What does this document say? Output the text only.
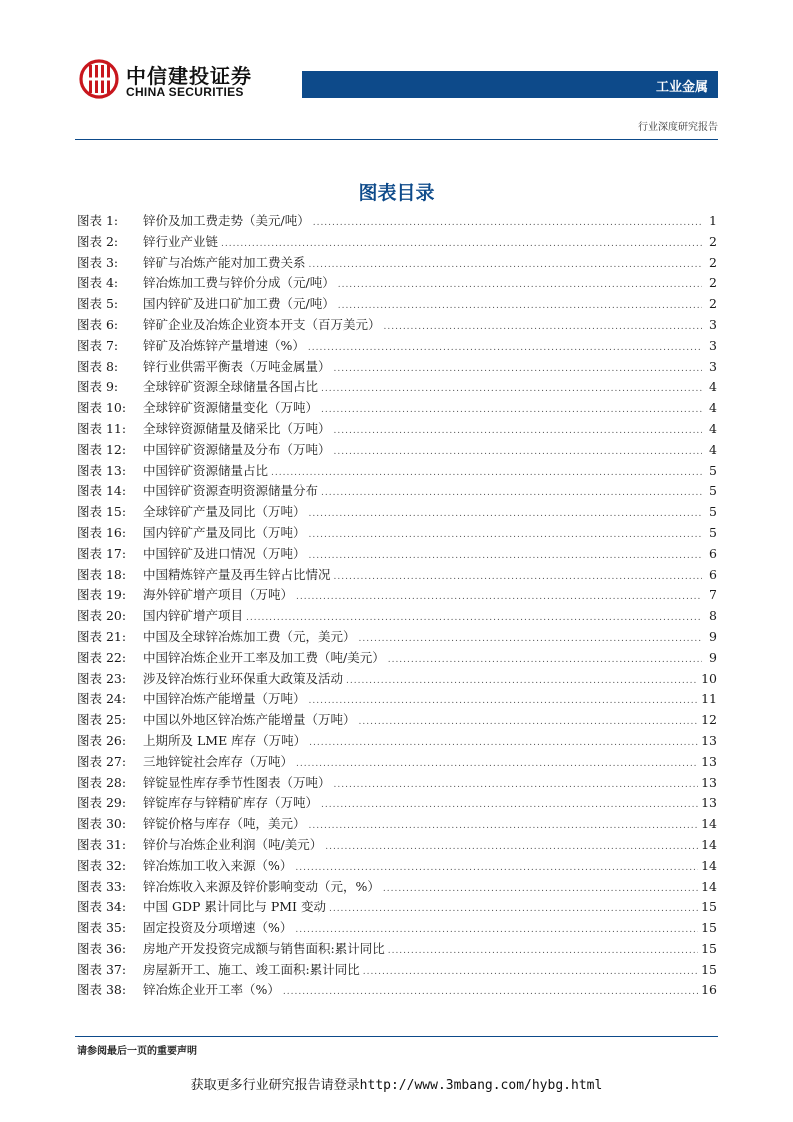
中信建投证券
CHINA SECURITIES	工业金属
行业深度研究报告
图表目录
图表 1:	锌价及加工费走势（美元/吨） .....	1
图表 2:	锌行业产业链 .....	2
图表 3:	锌矿与冶炼产能对加工费关系 .....	2
图表 4:	锌冶炼加工费与锌价分成（元/吨） .....	2
图表 5:	国内锌矿及进口矿加工费（元/吨） .....	2
图表 6:	锌矿企业及冶炼企业资本开支（百万美元） .....	3
图表 7:	锌矿及冶炼锌产量增速（%） .....	3
图表 8:	锌行业供需平衡表（万吨金属量） .....	3
图表 9:	全球锌矿资源全球储量各国占比 .....	4
图表 10:	全球锌矿资源储量变化（万吨） .....	4
图表 11:	全球锌资源储量及储采比（万吨） .....	4
图表 12:	中国锌矿资源储量及分布（万吨） .....	4
图表 13:	中国锌矿资源储量占比 .....	5
图表 14:	中国锌矿资源查明资源储量分布 .....	5
图表 15:	全球锌矿产量及同比（万吨） .....	5
图表 16:	国内锌矿产量及同比（万吨） .....	5
图表 17:	中国锌矿及进口情况（万吨） .....	6
图表 18:	中国精炼锌产量及再生锌占比情况 .....	6
图表 19:	海外锌矿增产项目（万吨） .....	7
图表 20:	国内锌矿增产项目 .....	8
图表 21:	中国及全球锌冶炼加工费（元，美元） .....	9
图表 22:	中国锌冶炼企业开工率及加工费（吨/美元） .....	9
图表 23:	涉及锌冶炼行业环保重大政策及活动 .....	10
图表 24:	中国锌冶炼产能增量（万吨） .....	11
图表 25:	中国以外地区锌冶炼产能增量（万吨） .....	12
图表 26:	上期所及 LME 库存（万吨） .....	13
图表 27:	三地锌锭社会库存（万吨） .....	13
图表 28:	锌锭显性库存季节性图表（万吨） .....	13
图表 29:	锌锭库存与锌精矿库存（万吨） .....	13
图表 30:	锌锭价格与库存（吨，美元） .....	14
图表 31:	锌价与冶炼企业利润（吨/美元） .....	14
图表 32:	锌冶炼加工收入来源（%） .....	14
图表 33:	锌冶炼收入来源及锌价影响变动（元，%） .....	14
图表 34:	中国 GDP 累计同比与 PMI 变动 .....	15
图表 35:	固定投资及分项增速（%） .....	15
图表 36:	房地产开发投资完成额与销售面积:累计同比 .....	15
图表 37:	房屋新开工、施工、竣工面积:累计同比 .....	15
图表 38:	锌冶炼企业开工率（%） .....	16
请参阅最后一页的重要声明
获取更多行业研究报告请登录http://www.3mbang.com/hybg.html
